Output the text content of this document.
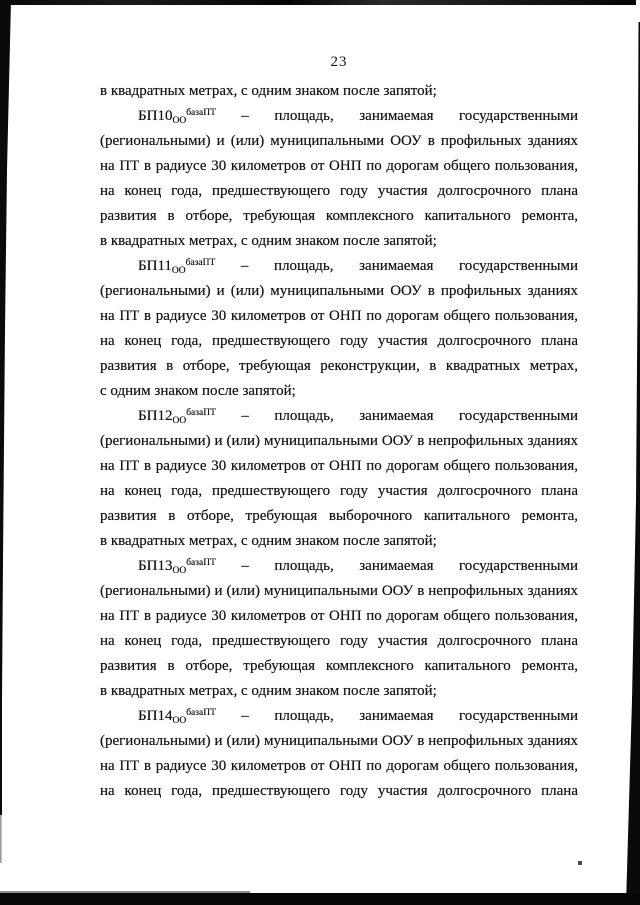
23
в квадратных метрах, с одним знаком после запятой;
$БП10_{ОО}^{базаПТ}$ – площадь, занимаемая государственными
(региональными) и (или) муниципальными ООУ в профильных зданиях
на ПТ в радиусе 30 километров от ОНП по дорогам общего пользования,
на конец года, предшествующего году участия долгосрочного плана
развития в отборе, требующая комплексного капитального ремонта,
в квадратных метрах, с одним знаком после запятой;
$БП11_{ОО}^{базаПТ}$ – площадь, занимаемая государственными
(региональными) и (или) муниципальными ООУ в профильных зданиях
на ПТ в радиусе 30 километров от ОНП по дорогам общего пользования,
на конец года, предшествующего году участия долгосрочного плана
развития в отборе, требующая реконструкции, в квадратных метрах,
с одним знаком после запятой;
$БП12_{ОО}^{базаПТ}$ – площадь, занимаемая государственными
(региональными) и (или) муниципальными ООУ в непрофильных зданиях
на ПТ в радиусе 30 километров от ОНП по дорогам общего пользования,
на конец года, предшествующего году участия долгосрочного плана
развития в отборе, требующая выборочного капитального ремонта,
в квадратных метрах, с одним знаком после запятой;
$БП13_{ОО}^{базаПТ}$ – площадь, занимаемая государственными
(региональными) и (или) муниципальными ООУ в непрофильных зданиях
на ПТ в радиусе 30 километров от ОНП по дорогам общего пользования,
на конец года, предшествующего году участия долгосрочного плана
развития в отборе, требующая комплексного капитального ремонта,
в квадратных метрах, с одним знаком после запятой;
$БП14_{ОО}^{базаПТ}$ – площадь, занимаемая государственными
(региональными) и (или) муниципальными ООУ в непрофильных зданиях
на ПТ в радиусе 30 километров от ОНП по дорогам общего пользования,
на конец года, предшествующего году участия долгосрочного плана
